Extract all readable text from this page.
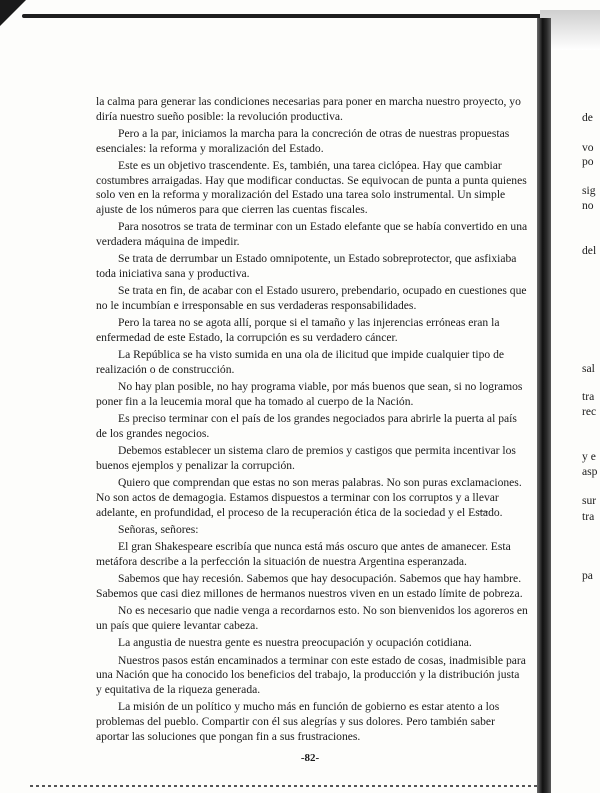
la calma para generar las condiciones necesarias para poner en marcha nuestro proyecto, yo diría nuestro sueño posible: la revolución productiva.

Pero a la par, iniciamos la marcha para la concreción de otras de nuestras propuestas esenciales: la reforma y moralización del Estado.

Este es un objetivo trascendente. Es, también, una tarea ciclópea. Hay que cambiar costumbres arraigadas. Hay que modificar conductas. Se equivocan de punta a punta quienes solo ven en la reforma y moralización del Estado una tarea solo instrumental. Un simple ajuste de los números para que cierren las cuentas fiscales.

Para nosotros se trata de terminar con un Estado elefante que se había convertido en una verdadera máquina de impedir.

Se trata de derrumbar un Estado omnipotente, un Estado sobreprotector, que asfixiaba toda iniciativa sana y productiva.

Se trata en fin, de acabar con el Estado usurero, prebendario, ocupado en cuestiones que no le incumbían e irresponsable en sus verdaderas responsabilidades.

Pero la tarea no se agota allí, porque si el tamaño y las injerencias erróneas eran la enfermedad de este Estado, la corrupción es su verdadero cáncer.

La República se ha visto sumida en una ola de ilicitud que impide cualquier tipo de realización o de construcción.

No hay plan posible, no hay programa viable, por más buenos que sean, si no logramos poner fin a la leucemia moral que ha tomado al cuerpo de la Nación.

Es preciso terminar con el país de los grandes negociados para abrirle la puerta al país de los grandes negocios.

Debemos establecer un sistema claro de premios y castigos que permita incentivar los buenos ejemplos y penalizar la corrupción.

Quiero que comprendan que estas no son meras palabras. No son puras exclamaciones. No son actos de demagogia. Estamos dispuestos a terminar con los corruptos y a llevar adelante, en profundidad, el proceso de la recuperación ética de la sociedad y el Estado.

Señoras, señores:

El gran Shakespeare escribía que nunca está más oscuro que antes de amanecer. Esta metáfora describe a la perfección la situación de nuestra Argentina esperanzada.

Sabemos que hay recesión. Sabemos que hay desocupación. Sabemos que hay hambre. Sabemos que casi diez millones de hermanos nuestros viven en un estado límite de pobreza.

No es necesario que nadie venga a recordarnos esto. No son bienvenidos los agoreros en un país que quiere levantar cabeza.

La angustia de nuestra gente es nuestra preocupación y ocupación cotidiana.

Nuestros pasos están encaminados a terminar con este estado de cosas, inadmisible para una Nación que ha conocido los beneficios del trabajo, la producción y la distribución justa y equitativa de la riqueza generada.

La misión de un político y mucho más en función de gobierno es estar atento a los problemas del pueblo. Compartir con él sus alegrías y sus dolores. Pero también saber aportar las soluciones que pongan fin a sus frustraciones.

-82-
de
vo
po
sig
no
del
sal
tra
rec
y e
asp
sur
tra
pa
